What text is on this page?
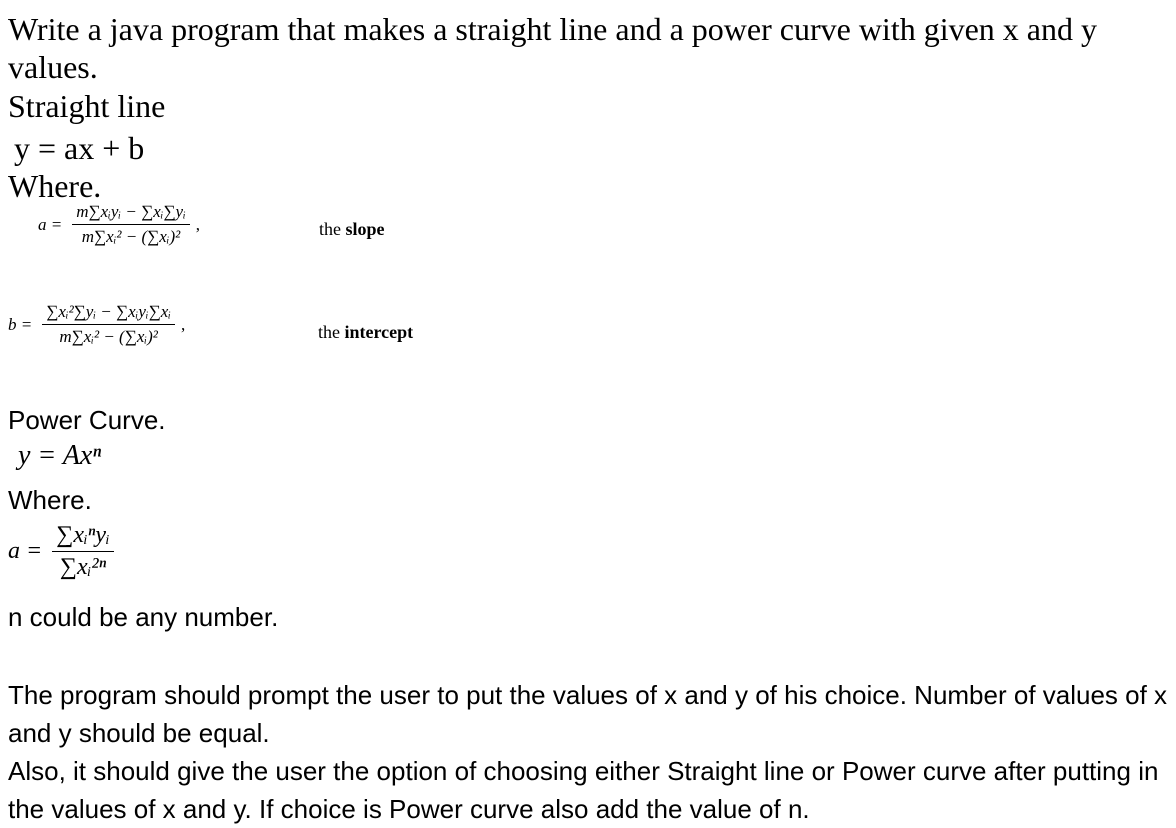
Write a java program that makes a straight line and a power curve with given x and y values.
Straight line
y = ax + b
Where.
$a = \frac{\text{m∑xᵢyᵢ − ∑xᵢ∑yᵢ}}{\text{m∑xᵢ² − (∑xᵢ)²}}$ ,	the slope
$b = \frac{\text{∑xᵢ²∑yᵢ − ∑xᵢyᵢ∑xᵢ}}{\text{m∑xᵢ² − (∑xᵢ)²}}$ ,	the intercept
Power Curve.
y = Axⁿ
Where.
$a = \frac{\text{∑xᵢⁿyᵢ}}{\text{∑xᵢ²ⁿ}}$
n could be any number.

The program should prompt the user to put the values of x and y of his choice. Number of values of x and y should be equal.

Also, it should give the user the option of choosing either Straight line or Power curve after putting in the values of x and y. If choice is Power curve also add the value of n.
